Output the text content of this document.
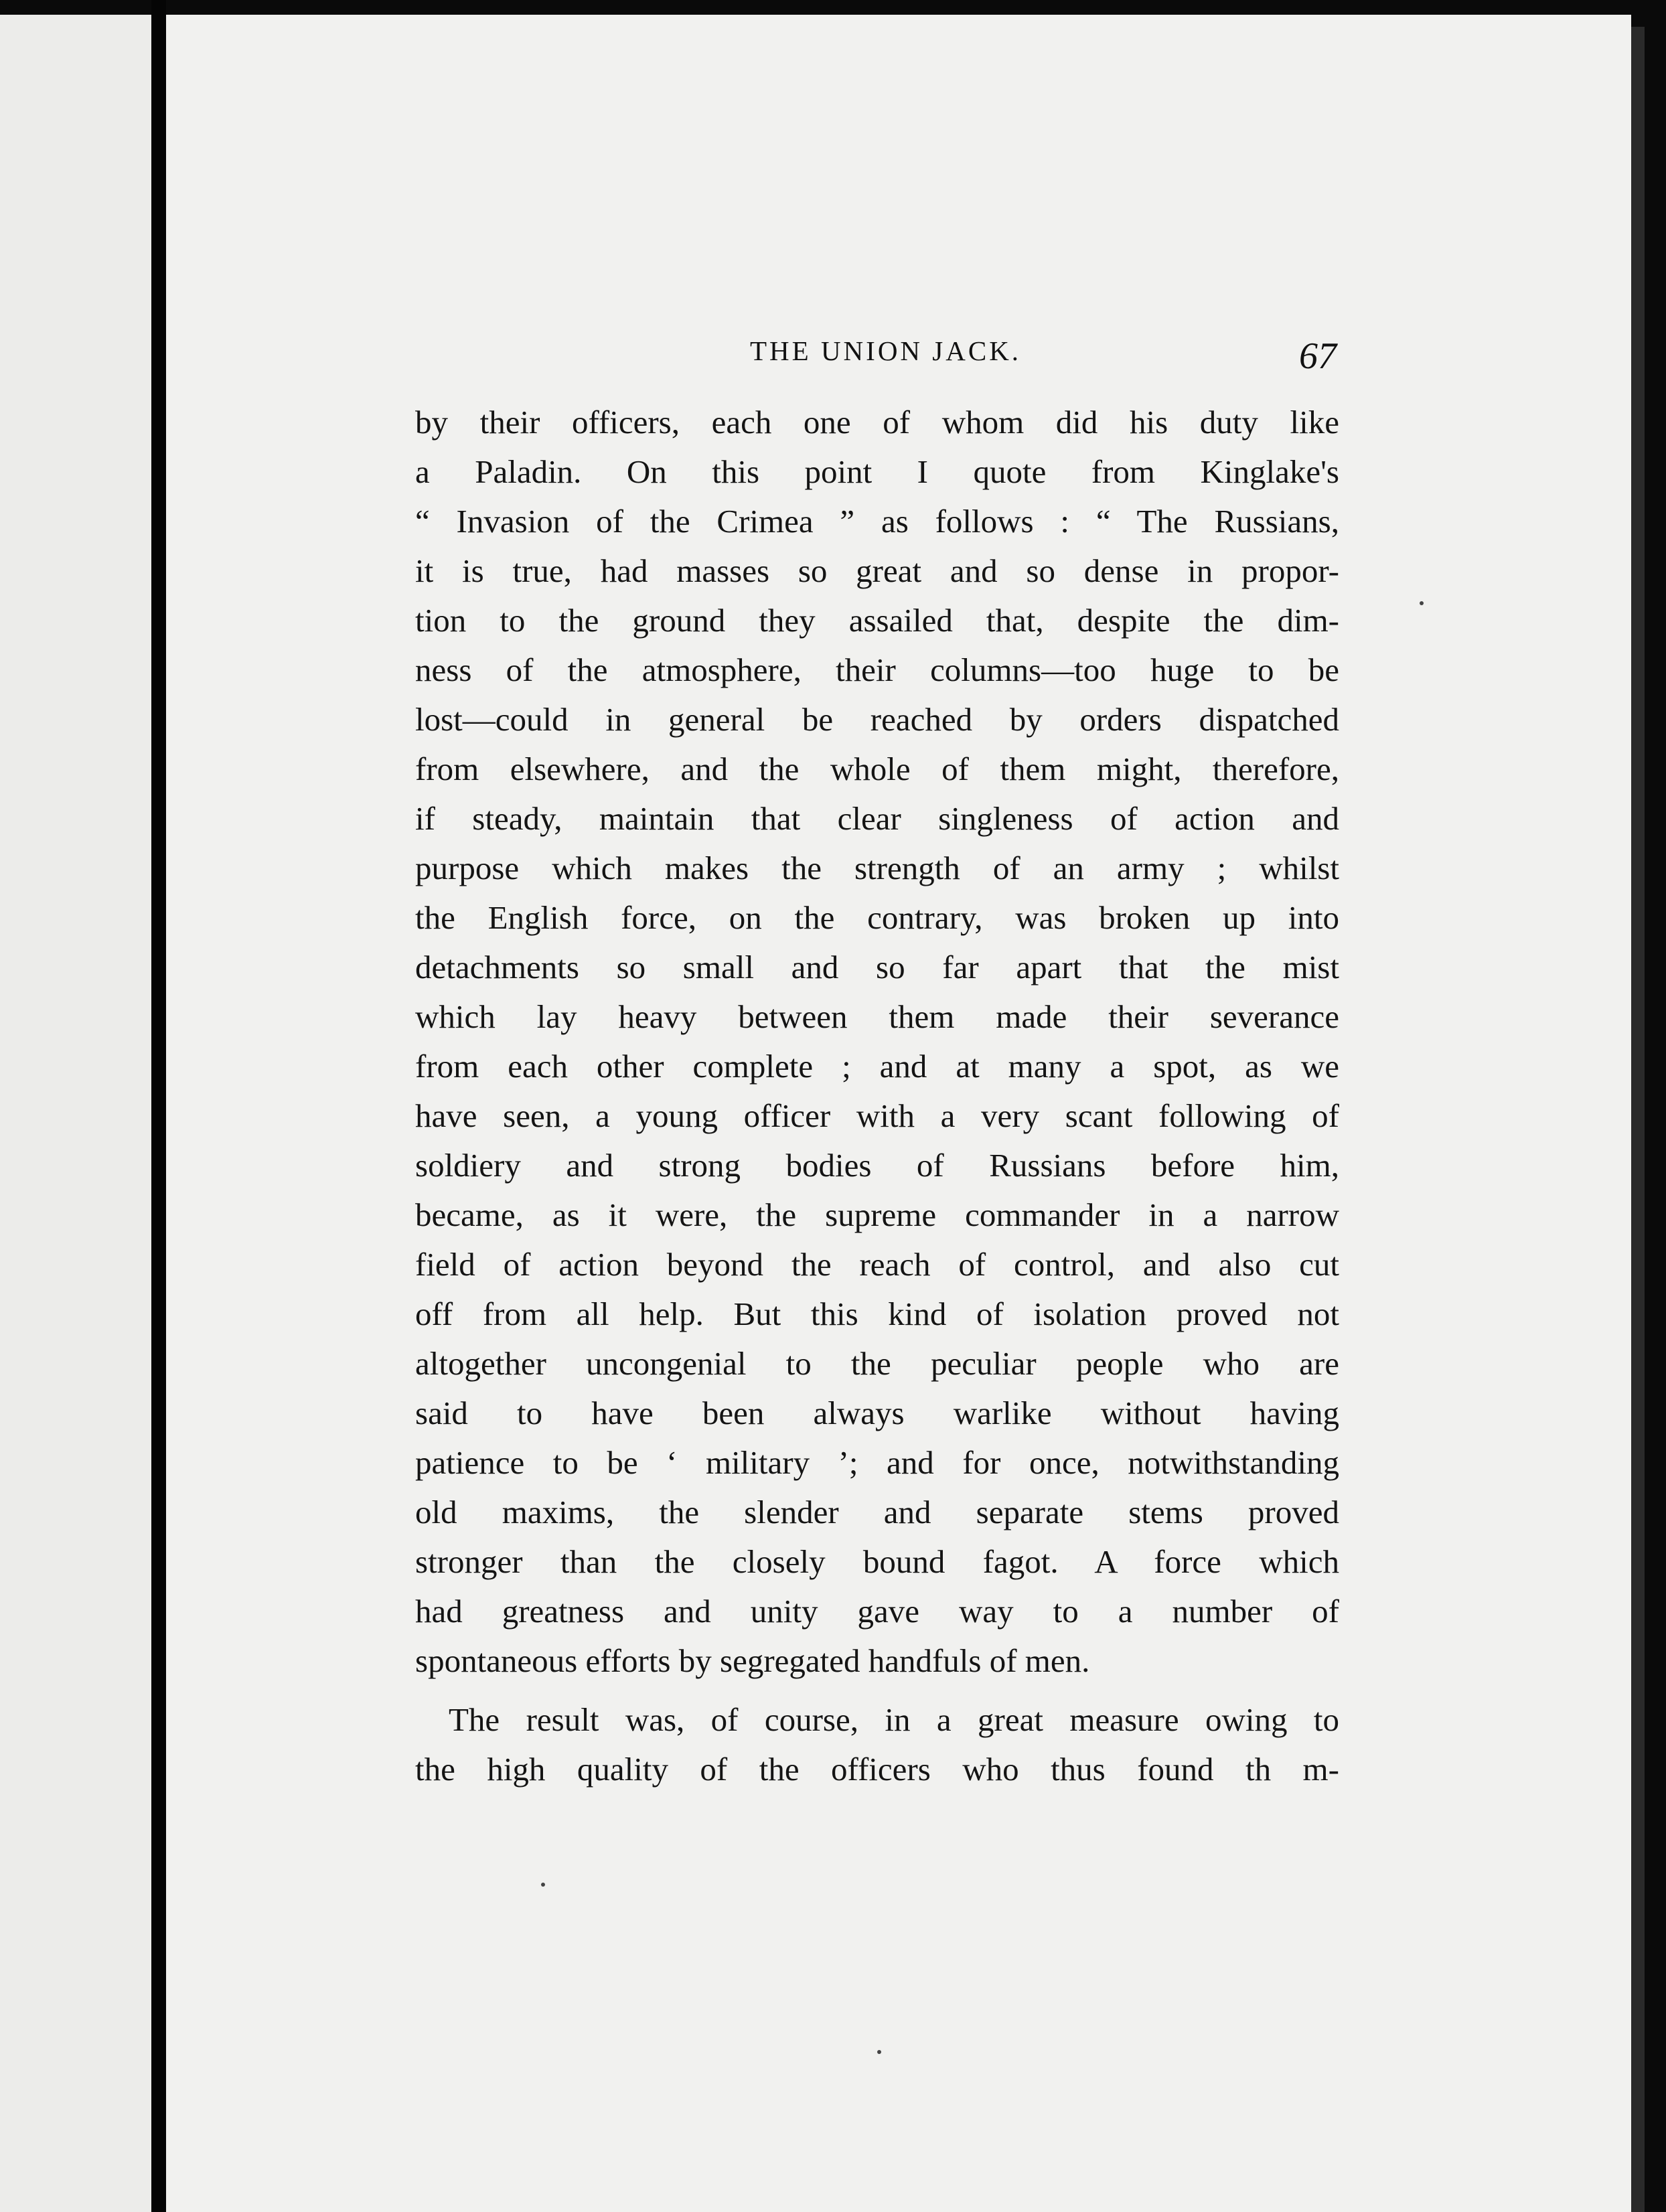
THE UNION JACK.	67
by their officers, each one of whom did his duty like
a Paladin. On this point I quote from Kinglake's
“ Invasion of the Crimea ” as follows : “ The Russians,
it is true, had masses so great and so dense in propor-
tion to the ground they assailed that, despite the dim-
ness of the atmosphere, their columns—too huge to be
lost—could in general be reached by orders dispatched
from elsewhere, and the whole of them might, therefore,
if steady, maintain that clear singleness of action and
purpose which makes the strength of an army ; whilst
the English force, on the contrary, was broken up into
detachments so small and so far apart that the mist
which lay heavy between them made their severance
from each other complete ; and at many a spot, as we
have seen, a young officer with a very scant following of
soldiery and strong bodies of Russians before him,
became, as it were, the supreme commander in a narrow
field of action beyond the reach of control, and also cut
off from all help. But this kind of isolation proved not
altogether uncongenial to the peculiar people who are
said to have been always warlike without having
patience to be ‘ military ’; and for once, notwithstanding
old maxims, the slender and separate stems proved
stronger than the closely bound fagot. A force which
had greatness and unity gave way to a number of
spontaneous efforts by segregated handfuls of men.
The result was, of course, in a great measure owing to
the high quality of the officers who thus found th m-
